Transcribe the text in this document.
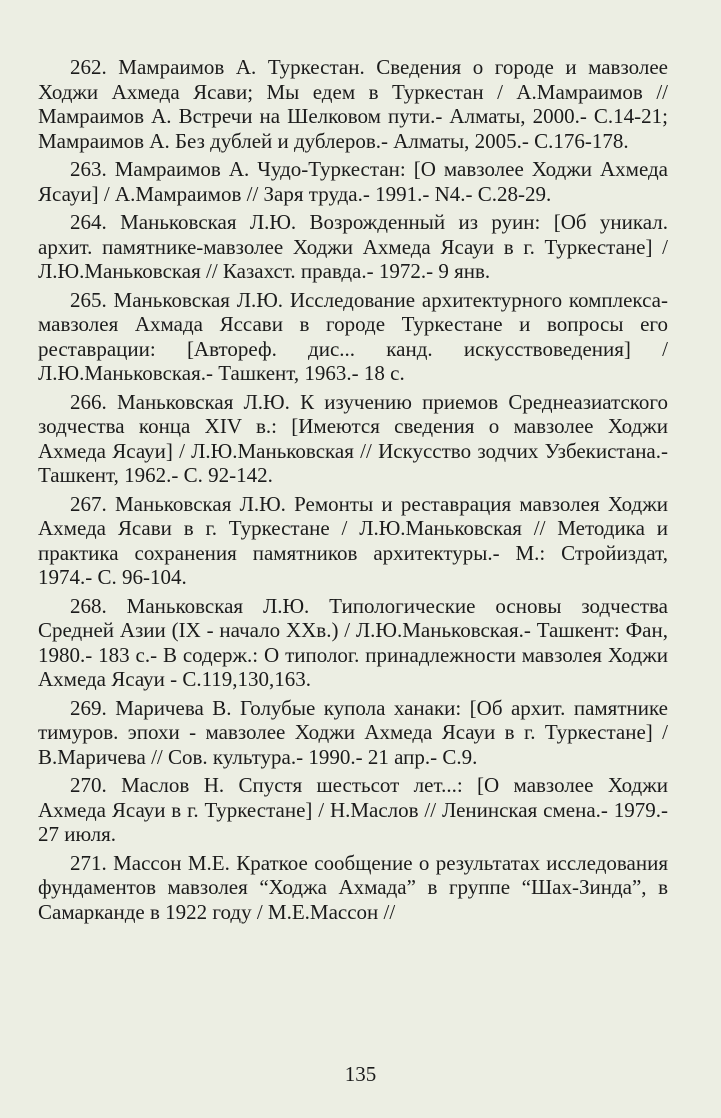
262. Мамраимов А. Туркестан. Сведения о городе и мавзолее Ходжи Ахмеда Ясави; Мы едем в Туркестан / А.Мамраимов // Мамраимов А. Встречи на Шелковом пути.- Алматы, 2000.- С.14-21; Мамраимов А. Без дублей и дублеров.- Алматы, 2005.- С.176-178.

263. Мамраимов А. Чудо-Туркестан: [О мавзолее Ходжи Ахмеда Ясауи] / А.Мамраимов // Заря труда.- 1991.- N4.- С.28-29.

264. Маньковская Л.Ю. Возрожденный из руин: [Об уникал. архит. памятнике-мавзолее Ходжи Ахмеда Ясауи в г. Туркестане] / Л.Ю.Маньковская // Казахст. правда.- 1972.- 9 янв.

265. Маньковская Л.Ю. Исследование архитектурного комплекса-мавзолея Ахмада Яссави в городе Туркестане и вопросы его реставрации: [Автореф. дис... канд. искусствоведения] / Л.Ю.Маньковская.- Ташкент, 1963.- 18 с.

266. Маньковская Л.Ю. К изучению приемов Среднеазиатского зодчества конца XIV в.: [Имеются сведения о мавзолее Ходжи Ахмеда Ясауи] / Л.Ю.Маньковская // Искусство зодчих Узбекистана.- Ташкент, 1962.- С. 92-142.

267. Маньковская Л.Ю. Ремонты и реставрация мавзолея Ходжи Ахмеда Ясави в г. Туркестане / Л.Ю.Маньковская // Методика и практика сохранения памятников архитектуры.- М.: Стройиздат, 1974.- С. 96-104.

268. Маньковская Л.Ю. Типологические основы зодчества Средней Азии (IX - начало XXв.) / Л.Ю.Маньковская.- Ташкент: Фан, 1980.- 183 с.- В содерж.: О типолог. принадлежности мавзолея Ходжи Ахмеда Ясауи - С.119,130,163.

269. Маричева В. Голубые купола ханаки: [Об архит. памятнике тимуров. эпохи - мавзолее Ходжи Ахмеда Ясауи в г. Туркестане] / В.Маричева // Сов. культура.- 1990.- 21 апр.- С.9.

270. Маслов Н. Спустя шестьсот лет...: [О мавзолее Ходжи Ахмеда Ясауи в г. Туркестане] / Н.Маслов // Ленинская смена.- 1979.- 27 июля.

271. Массон М.Е. Краткое сообщение о результатах исследования фундаментов мавзолея “Ходжа Ахмада” в группе “Шах-Зинда”, в Самарканде в 1922 году / М.Е.Массон //

135
